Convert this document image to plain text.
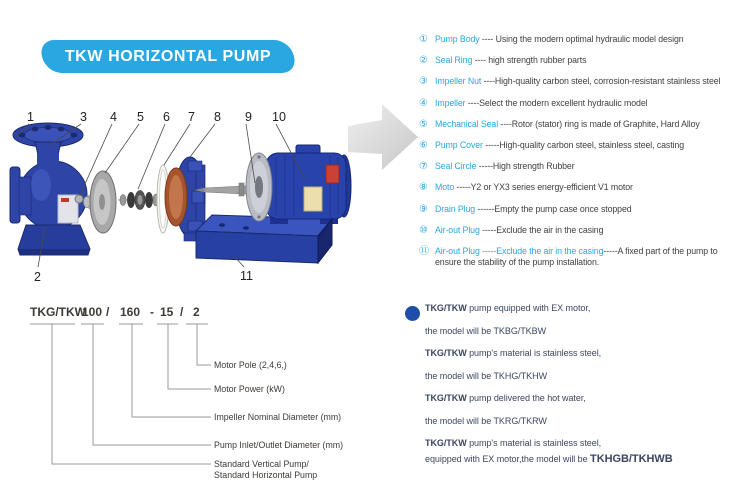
TKW HORIZONTAL PUMP
1	3 4 5 6 7 8 9 10
2	11
① Pump Body ---- Using the modern optimal hydraulic model design
② Seal Ring ---- high strength rubber parts
③ Impeller Nut ----High-quality carbon steel, corrosion-resistant stainless steel
④ Impeller ----Select the modern excellent hydraulic model
⑤ Mechanical Seal ----Rotor (stator) ring is made of Graphite, Hard Alloy
⑥ Pump Cover -----High-quality carbon steel, stainless steel, casting
⑦ Seal Circle -----High strength Rubber
⑧ Moto -----Y2 or YX3 series energy-efficient V1 motor
⑨ Drain Plug ------Empty the pump case once stopped
⑩ Air-out Plug -----Exclude the air in the casing
⑪ Air-out Plug -----Exclude the air in the casing-----A fixed part of the pump to ensure the stability of the pump installation.
TKG/TKW
100 / 160 - 15 / 2
Motor Pole (2,4,6,)
Motor Power (kW)
Impeller Nominal Diameter (mm)
Pump Inlet/Outlet Diameter (mm)
Standard Vertical Pump/
Standard Horizontal Pump
TKG/TKW pump equipped with EX motor,
the model will be TKBG/TKBW
TKG/TKW pump's material is stainless steel,
the model will be TKHG/TKHW
TKG/TKW pump delivered the hot water,
the model will be TKRG/TKRW
TKG/TKW pump's material is stainless steel,
equipped with EX motor,the model will be TKHGB/TKHWB
